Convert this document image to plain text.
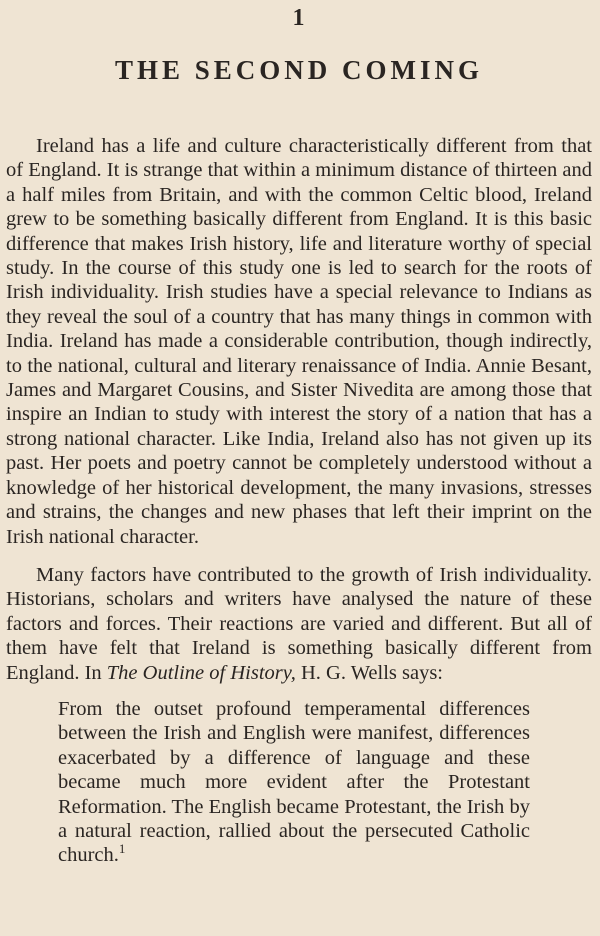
1
THE SECOND COMING

Ireland has a life and culture characteristically different from that of England. It is strange that within a minimum distance of thirteen and a half miles from Britain, and with the common Celtic blood, Ireland grew to be something basically different from England. It is this basic difference that makes Irish history, life and literature worthy of special study. In the course of this study one is led to search for the roots of Irish individuality. Irish studies have a special relevance to Indians as they reveal the soul of a country that has many things in common with India. Ireland has made a considerable contribution, though indirectly, to the national, cultural and literary renaissance of India. Annie Besant, James and Margaret Cousins, and Sister Nivedita are among those that inspire an Indian to study with interest the story of a nation that has a strong national character. Like India, Ireland also has not given up its past. Her poets and poetry cannot be completely understood without a knowledge of her historical development, the many invasions, stresses and strains, the changes and new phases that left their imprint on the Irish national character.

Many factors have contributed to the growth of Irish individuality. Historians, scholars and writers have analysed the nature of these factors and forces. Their reactions are varied and different. But all of them have felt that Ireland is something basically different from England. In The Outline of History, H. G. Wells says:

From the outset profound temperamental differences between the Irish and English were manifest, differences exacerbated by a difference of language and these became much more evident after the Protestant Reformation. The English became Protestant, the Irish by a natural reaction, rallied about the persecuted Catholic church.$^1$
